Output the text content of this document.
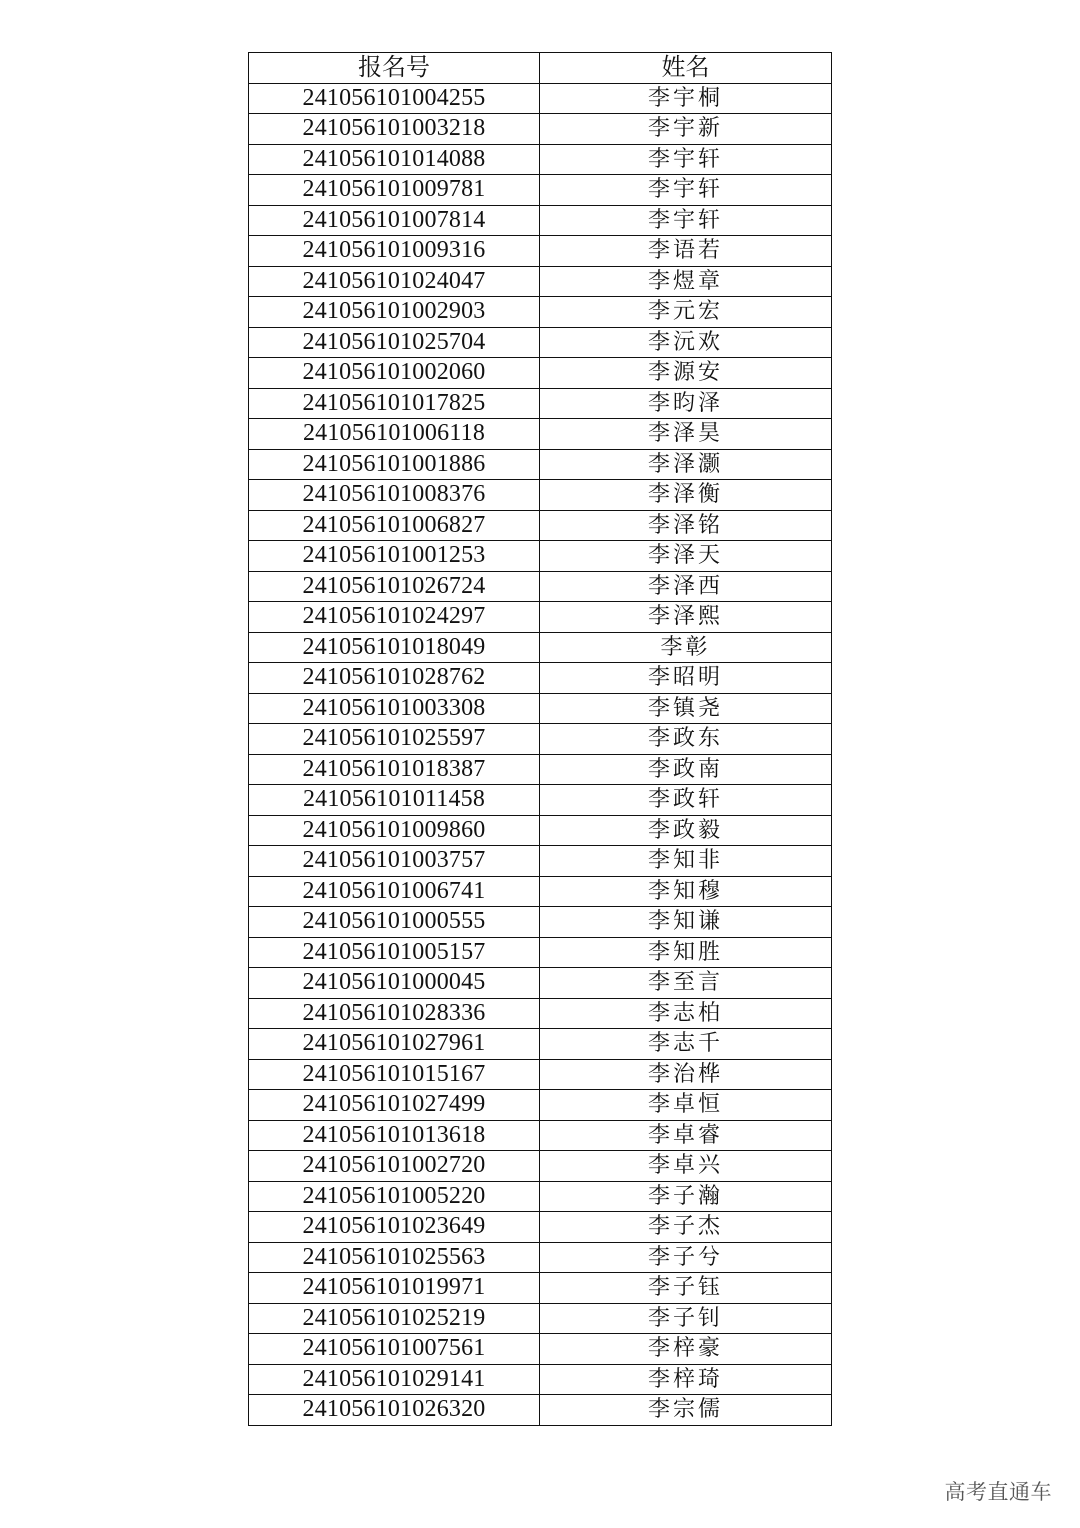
报名号	姓名
241056101004255	李宇桐
241056101003218	李宇新
241056101014088	李宇轩
241056101009781	李宇轩
241056101007814	李宇轩
241056101009316	李语若
241056101024047	李煜章
241056101002903	李元宏
241056101025704	李沅欢
241056101002060	李源安
241056101017825	李昀泽
241056101006118	李泽昊
241056101001886	李泽灏
241056101008376	李泽衡
241056101006827	李泽铭
241056101001253	李泽天
241056101026724	李泽西
241056101024297	李泽熙
241056101018049	李彰
241056101028762	李昭明
241056101003308	李镇尧
241056101025597	李政东
241056101018387	李政南
241056101011458	李政轩
241056101009860	李政毅
241056101003757	李知非
241056101006741	李知穆
241056101000555	李知谦
241056101005157	李知胜
241056101000045	李至言
241056101028336	李志柏
241056101027961	李志千
241056101015167	李治桦
241056101027499	李卓恒
241056101013618	李卓睿
241056101002720	李卓兴
241056101005220	李子瀚
241056101023649	李子杰
241056101025563	李子兮
241056101019971	李子钰
241056101025219	李子钊
241056101007561	李梓豪
241056101029141	李梓琦
241056101026320	李宗儒
高考直通车
